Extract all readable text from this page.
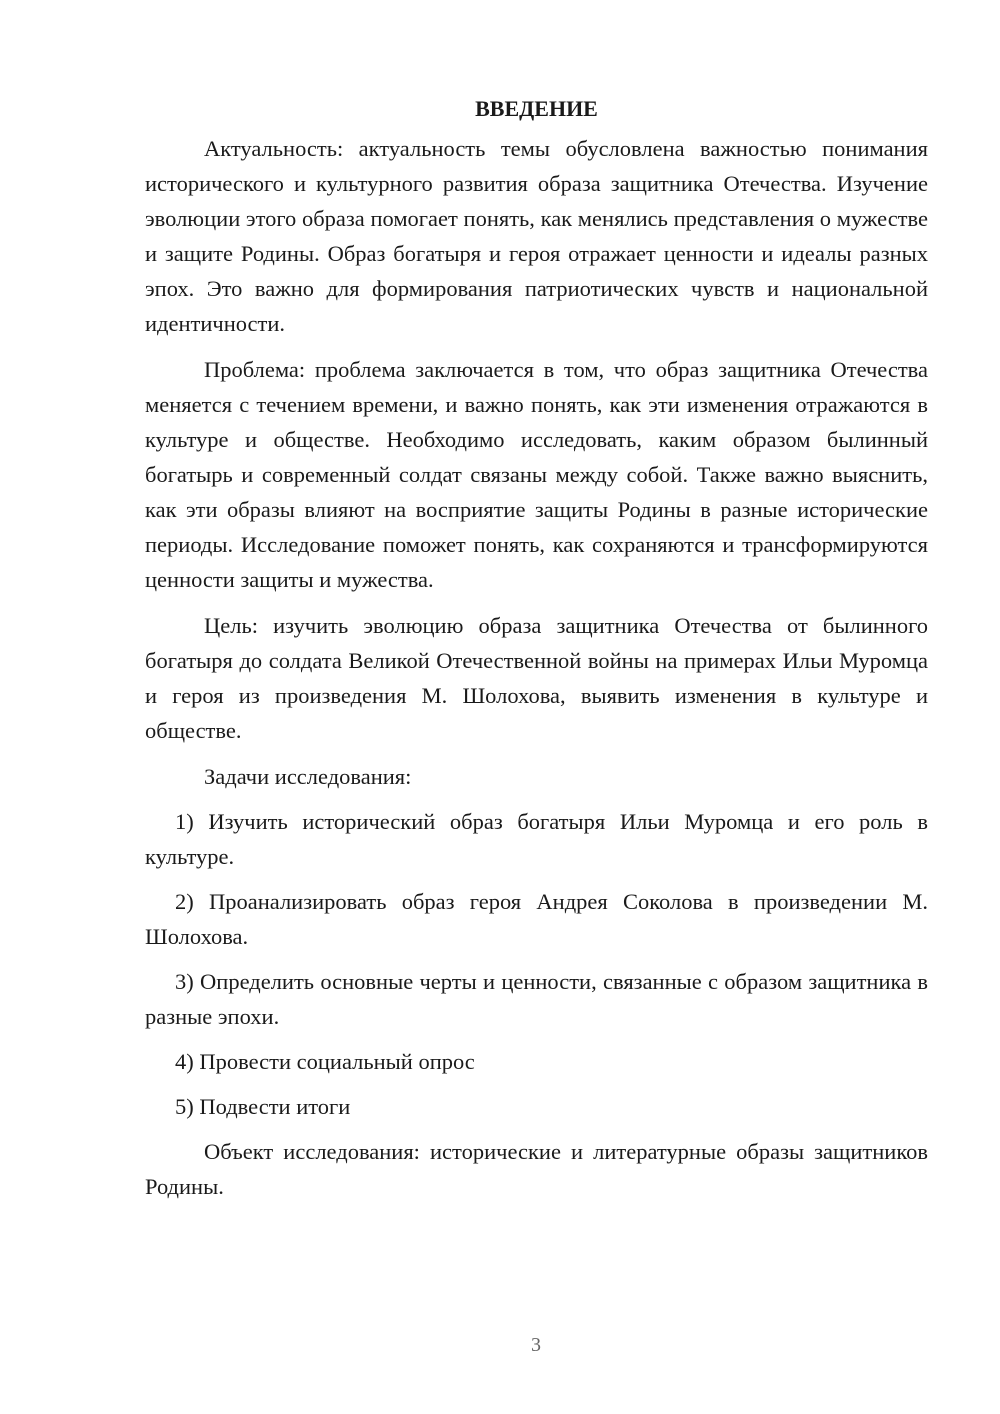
ВВЕДЕНИЕ

Актуальность: актуальность темы обусловлена важностью понимания исторического и культурного развития образа защитника Отечества. Изучение эволюции этого образа помогает понять, как менялись представления о мужестве и защите Родины. Образ богатыря и героя отражает ценности и идеалы разных эпох. Это важно для формирования патриотических чувств и национальной идентичности.

Проблема: проблема заключается в том, что образ защитника Отечества меняется с течением времени, и важно понять, как эти изменения отражаются в культуре и обществе. Необходимо исследовать, каким образом былинный богатырь и современный солдат связаны между собой. Также важно выяснить, как эти образы влияют на восприятие защиты Родины в разные исторические периоды. Исследование поможет понять, как сохраняются и трансформируются ценности защиты и мужества.

Цель: изучить эволюцию образа защитника Отечества от былинного богатыря до солдата Великой Отечественной войны на примерах Ильи Муромца и героя из произведения М. Шолохова, выявить изменения в культуре и обществе.

Задачи исследования:

1) Изучить исторический образ богатыря Ильи Муромца и его роль в культуре.

2) Проанализировать образ героя Андрея Соколова в произведении М. Шолохова.

3) Определить основные черты и ценности, связанные с образом защитника в разные эпохи.

4) Провести социальный опрос

5) Подвести итоги

Объект исследования: исторические и литературные образы защитников Родины.

3
